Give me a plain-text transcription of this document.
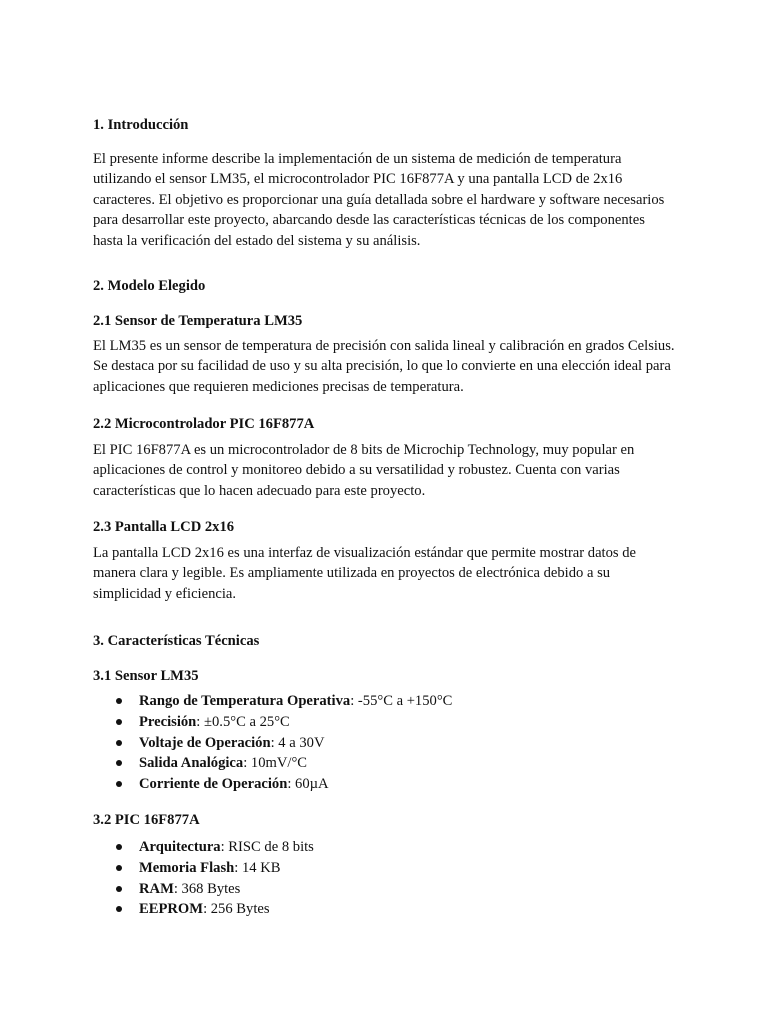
1. Introducción

El presente informe describe la implementación de un sistema de medición de temperatura utilizando el sensor LM35, el microcontrolador PIC 16F877A y una pantalla LCD de 2x16 caracteres. El objetivo es proporcionar una guía detallada sobre el hardware y software necesarios para desarrollar este proyecto, abarcando desde las características técnicas de los componentes hasta la verificación del estado del sistema y su análisis.

2. Modelo Elegido
2.1 Sensor de Temperatura LM35

El LM35 es un sensor de temperatura de precisión con salida lineal y calibración en grados Celsius. Se destaca por su facilidad de uso y su alta precisión, lo que lo convierte en una elección ideal para aplicaciones que requieren mediciones precisas de temperatura.

2.2 Microcontrolador PIC 16F877A

El PIC 16F877A es un microcontrolador de 8 bits de Microchip Technology, muy popular en aplicaciones de control y monitoreo debido a su versatilidad y robustez. Cuenta con varias características que lo hacen adecuado para este proyecto.

2.3 Pantalla LCD 2x16

La pantalla LCD 2x16 es una interfaz de visualización estándar que permite mostrar datos de manera clara y legible. Es ampliamente utilizada en proyectos de electrónica debido a su simplicidad y eficiencia.

3. Características Técnicas
3.1 Sensor LM35
Rango de Temperatura Operativa: -55°C a +150°C
Precisión: ±0.5°C a 25°C
Voltaje de Operación: 4 a 30V
Salida Analógica: 10mV/°C
Corriente de Operación: 60µA
3.2 PIC 16F877A
Arquitectura: RISC de 8 bits
Memoria Flash: 14 KB
RAM: 368 Bytes
EEPROM: 256 Bytes
